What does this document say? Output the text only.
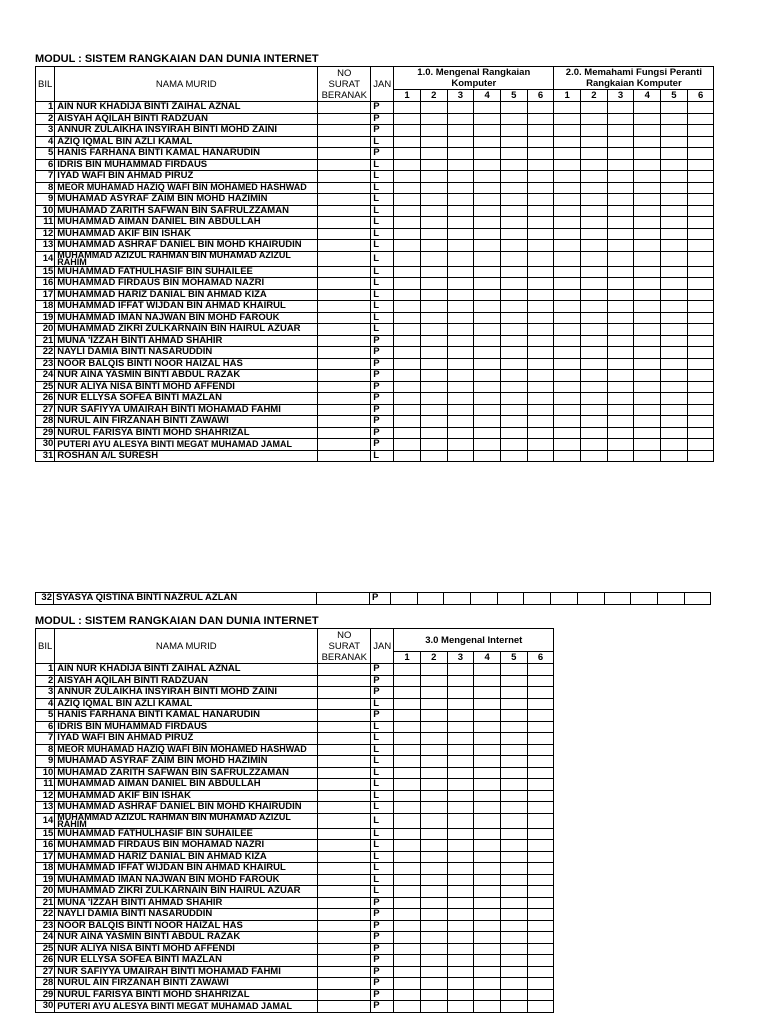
MODUL : SISTEM RANGKAIAN DAN DUNIA INTERNET
BIL	NAMA MURID	NO SURAT BERANAK	JAN	1.0. Mengenal Rangkaian Komputer						2.0. Memahami Fungsi Peranti Rangkaian Komputer					
				1	2	3	4	5	6	1	2	3	4	5	6
1	AIN NUR KHADIJA BINTI ZAIHAL AZNAL		P												
2	AISYAH AQILAH BINTI RADZUAN		P												
3	ANNUR ZULAIKHA INSYIRAH BINTI MOHD ZAINI		P												
4	AZIQ IQMAL BIN AZLI KAMAL		L												
5	HANIS FARHANA BINTI KAMAL HANARUDIN		P												
6	IDRIS BIN MUHAMMAD FIRDAUS		L												
7	IYAD WAFI BIN AHMAD PIRUZ		L												
8	MEOR MUHAMAD HAZIQ WAFI BIN MOHAMED HASHWAD		L												
9	MUHAMAD ASYRAF ZAIM BIN MOHD HAZIMIN		L												
10	MUHAMAD ZARITH SAFWAN BIN SAFRULZZAMAN		L												
11	MUHAMMAD AIMAN DANIEL BIN ABDULLAH		L												
12	MUHAMMAD AKIF BIN ISHAK		L												
13	MUHAMMAD ASHRAF DANIEL BIN MOHD KHAIRUDIN		L												
14	MUHAMMAD AZIZUL RAHMAN BIN MUHAMAD AZIZUL RAHIM		L												
15	MUHAMMAD FATHULHASIF BIN SUHAILEE		L												
16	MUHAMMAD FIRDAUS BIN MOHAMAD NAZRI		L												
17	MUHAMMAD HARIZ DANIAL BIN AHMAD KIZA		L												
18	MUHAMMAD IFFAT WIJDAN BIN AHMAD KHAIRUL		L												
19	MUHAMMAD IMAN NAJWAN BIN MOHD FAROUK		L												
20	MUHAMMAD ZIKRI ZULKARNAIN BIN HAIRUL AZUAR		L												
21	MUNA 'IZZAH BINTI AHMAD SHAHIR		P												
22	NAYLI DAMIA BINTI NASARUDDIN		P												
23	NOOR BALQIS BINTI NOOR HAIZAL HAS		P												
24	NUR AINA YASMIN BINTI ABDUL RAZAK		P												
25	NUR ALIYA NISA BINTI MOHD AFFENDI		P												
26	NUR ELLYSA SOFEA BINTI MAZLAN		P												
27	NUR SAFIYYA UMAIRAH BINTI MOHAMAD FAHMI		P												
28	NURUL AIN FIRZANAH BINTI ZAWAWI		P												
29	NURUL FARISYA BINTI MOHD SHAHRIZAL		P												
30	PUTERI AYU ALESYA BINTI MEGAT MUHAMAD JAMAL		P												
31	ROSHAN A/L SURESH		L												
32	SYASYA QISTINA BINTI NAZRUL AZLAN		P												
MODUL : SISTEM RANGKAIAN DAN DUNIA INTERNET
BIL	NAMA MURID	NO SURAT BERANAK	JAN	3.0 Mengenal Internet					
				1	2	3	4	5	6
1	AIN NUR KHADIJA BINTI ZAIHAL AZNAL		P						
2	AISYAH AQILAH BINTI RADZUAN		P						
3	ANNUR ZULAIKHA INSYIRAH BINTI MOHD ZAINI		P						
4	AZIQ IQMAL BIN AZLI KAMAL		L						
5	HANIS FARHANA BINTI KAMAL HANARUDIN		P						
6	IDRIS BIN MUHAMMAD FIRDAUS		L						
7	IYAD WAFI BIN AHMAD PIRUZ		L						
8	MEOR MUHAMAD HAZIQ WAFI BIN MOHAMED HASHWAD		L						
9	MUHAMAD ASYRAF ZAIM BIN MOHD HAZIMIN		L						
10	MUHAMAD ZARITH SAFWAN BIN SAFRULZZAMAN		L						
11	MUHAMMAD AIMAN DANIEL BIN ABDULLAH		L						
12	MUHAMMAD AKIF BIN ISHAK		L						
13	MUHAMMAD ASHRAF DANIEL BIN MOHD KHAIRUDIN		L						
14	MUHAMMAD AZIZUL RAHMAN BIN MUHAMAD AZIZUL RAHIM		L						
15	MUHAMMAD FATHULHASIF BIN SUHAILEE		L						
16	MUHAMMAD FIRDAUS BIN MOHAMAD NAZRI		L						
17	MUHAMMAD HARIZ DANIAL BIN AHMAD KIZA		L						
18	MUHAMMAD IFFAT WIJDAN BIN AHMAD KHAIRUL		L						
19	MUHAMMAD IMAN NAJWAN BIN MOHD FAROUK		L						
20	MUHAMMAD ZIKRI ZULKARNAIN BIN HAIRUL AZUAR		L						
21	MUNA 'IZZAH BINTI AHMAD SHAHIR		P						
22	NAYLI DAMIA BINTI NASARUDDIN		P						
23	NOOR BALQIS BINTI NOOR HAIZAL HAS		P						
24	NUR AINA YASMIN BINTI ABDUL RAZAK		P						
25	NUR ALIYA NISA BINTI MOHD AFFENDI		P						
26	NUR ELLYSA SOFEA BINTI MAZLAN		P						
27	NUR SAFIYYA UMAIRAH BINTI MOHAMAD FAHMI		P						
28	NURUL AIN FIRZANAH BINTI ZAWAWI		P						
29	NURUL FARISYA BINTI MOHD SHAHRIZAL		P						
30	PUTERI AYU ALESYA BINTI MEGAT MUHAMAD JAMAL		P						
